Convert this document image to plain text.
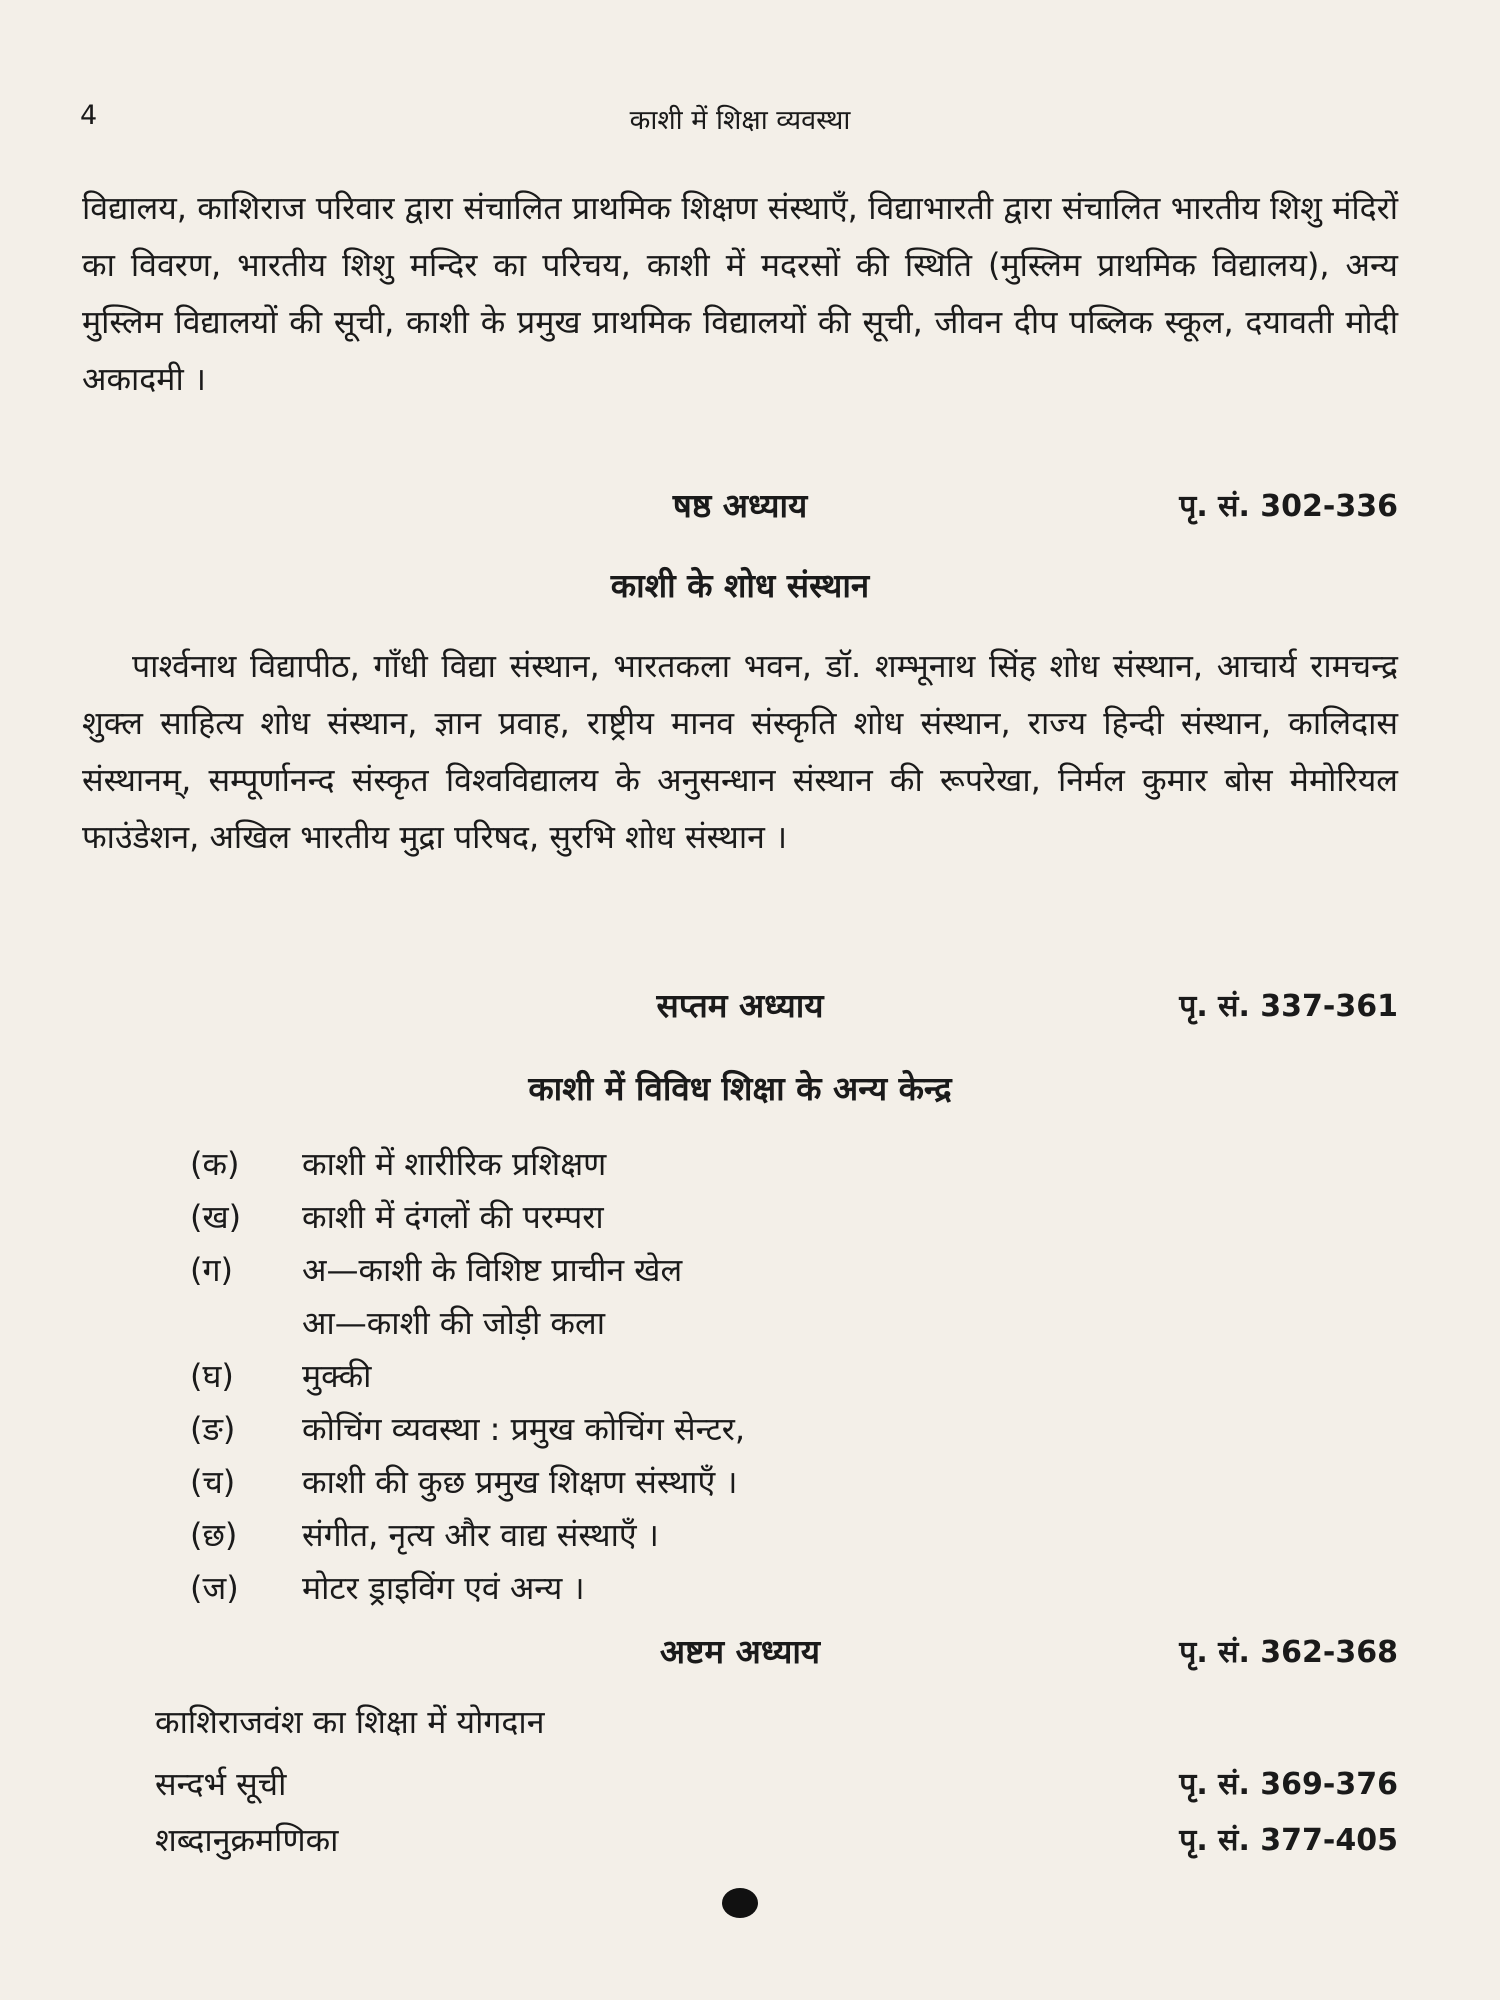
4	काशी में शिक्षा व्यवस्था
विद्यालय, काशिराज परिवार द्वारा संचालित प्राथमिक शिक्षण संस्थाएँ, विद्याभारती द्वारा संचालित भारतीय शिशु मंदिरों का विवरण, भारतीय शिशु मन्दिर का परिचय, काशी में मदरसों की स्थिति (मुस्लिम प्राथमिक विद्यालय), अन्य मुस्लिम विद्यालयों की सूची, काशी के प्रमुख प्राथमिक विद्यालयों की सूची, जीवन दीप पब्लिक स्कूल, दयावती मोदी अकादमी ।
षष्ठ अध्याय	पृ. सं. 302-336
काशी के शोध संस्थान
पार्श्वनाथ विद्यापीठ, गाँधी विद्या संस्थान, भारतकला भवन, डॉ. शम्भूनाथ सिंह शोध संस्थान, आचार्य रामचन्द्र शुक्ल साहित्य शोध संस्थान, ज्ञान प्रवाह, राष्ट्रीय मानव संस्कृति शोध संस्थान, राज्य हिन्दी संस्थान, कालिदास संस्थानम्, सम्पूर्णानन्द संस्कृत विश्वविद्यालय के अनुसन्धान संस्थान की रूपरेखा, निर्मल कुमार बोस मेमोरियल फाउंडेशन, अखिल भारतीय मुद्रा परिषद, सुरभि शोध संस्थान ।
सप्तम अध्याय	पृ. सं. 337-361
काशी में विविध शिक्षा के अन्य केन्द्र
(क)	काशी में शारीरिक प्रशिक्षण
(ख)	काशी में दंगलों की परम्परा
(ग)	अ—काशी के विशिष्ट प्राचीन खेल
आ—काशी की जोड़ी कला
(घ)	मुक्की
(ङ)	कोचिंग व्यवस्था : प्रमुख कोचिंग सेन्टर,
(च)	काशी की कुछ प्रमुख शिक्षण संस्थाएँ ।
(छ)	संगीत, नृत्य और वाद्य संस्थाएँ ।
(ज)	मोटर ड्राइविंग एवं अन्य ।
अष्टम अध्याय	पृ. सं. 362-368
काशिराजवंश का शिक्षा में योगदान
सन्दर्भ सूची	पृ. सं. 369-376
शब्दानुक्रमणिका	पृ. सं. 377-405
